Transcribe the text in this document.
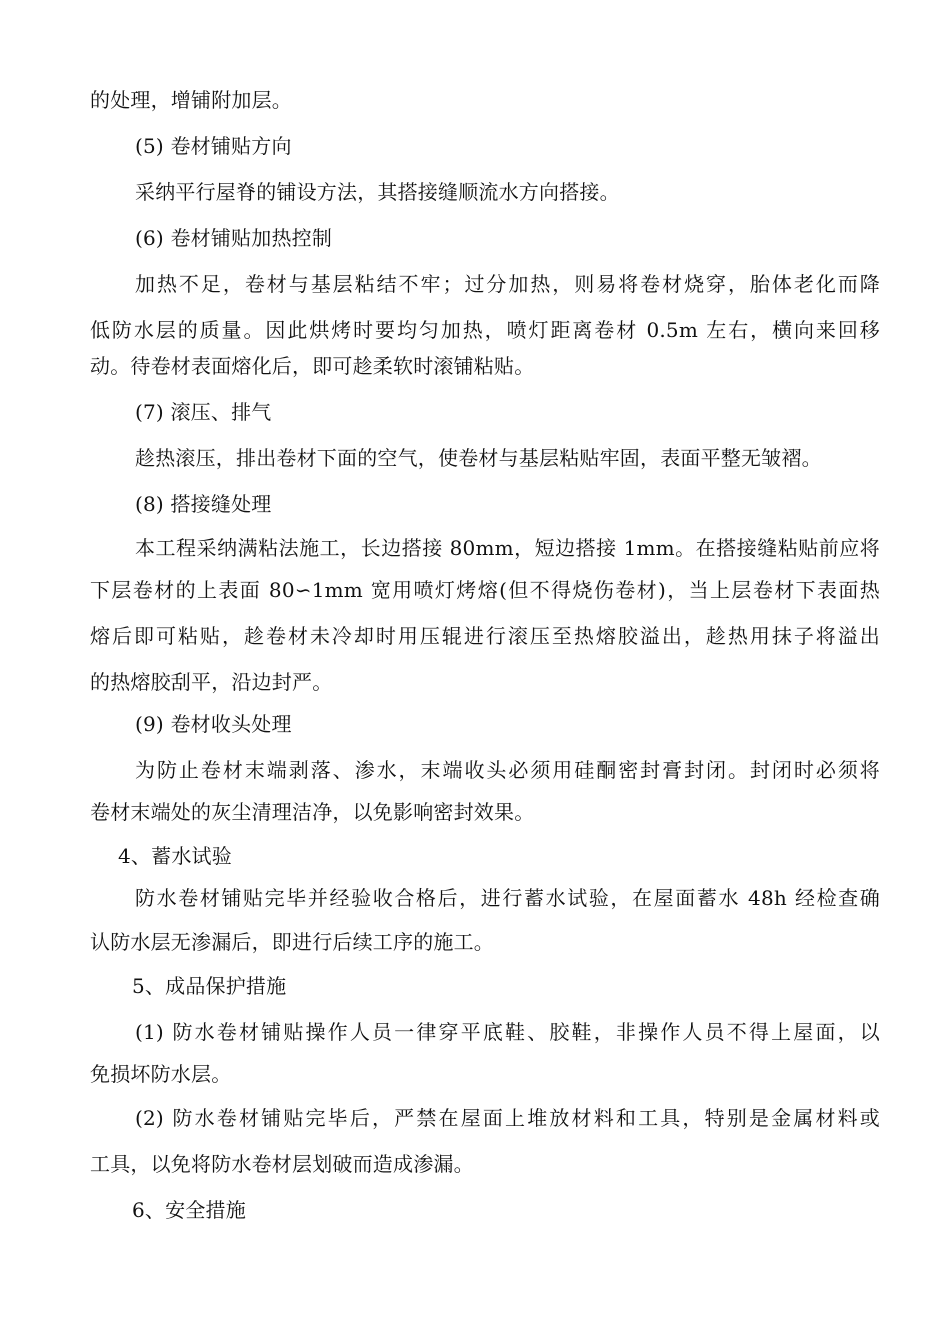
的处理，增铺附加层。
(5) 卷材铺贴方向
采纳平行屋脊的铺设方法，其搭接缝顺流水方向搭接。
(6) 卷材铺贴加热控制
加热不足，卷材与基层粘结不牢；过分加热，则易将卷材烧穿，胎体老化而降
低防水层的质量。因此烘烤时要均匀加热，喷灯距离卷材 0.5m 左右，横向来回移
动。待卷材表面熔化后，即可趁柔软时滚铺粘贴。
(7) 滚压、排气
趁热滚压，排出卷材下面的空气，使卷材与基层粘贴牢固，表面平整无皱褶。
(8) 搭接缝处理
本工程采纳满粘法施工，长边搭接 80mm，短边搭接 1mm。在搭接缝粘贴前应将
下层卷材的上表面 80∽1mm 宽用喷灯烤熔(但不得烧伤卷材)，当上层卷材下表面热
熔后即可粘贴，趁卷材未冷却时用压辊进行滚压至热熔胶溢出，趁热用抹子将溢出
的热熔胶刮平，沿边封严。
(9) 卷材收头处理
为防止卷材末端剥落、渗水，末端收头必须用硅酮密封膏封闭。封闭时必须将
卷材末端处的灰尘清理洁净，以免影响密封效果。
4、蓄水试验
防水卷材铺贴完毕并经验收合格后，进行蓄水试验，在屋面蓄水 48h 经检查确
认防水层无渗漏后，即进行后续工序的施工。
5、成品保护措施
(1) 防水卷材铺贴操作人员一律穿平底鞋、胶鞋，非操作人员不得上屋面，以
免损坏防水层。
(2) 防水卷材铺贴完毕后，严禁在屋面上堆放材料和工具，特别是金属材料或
工具，以免将防水卷材层划破而造成渗漏。
6、安全措施
